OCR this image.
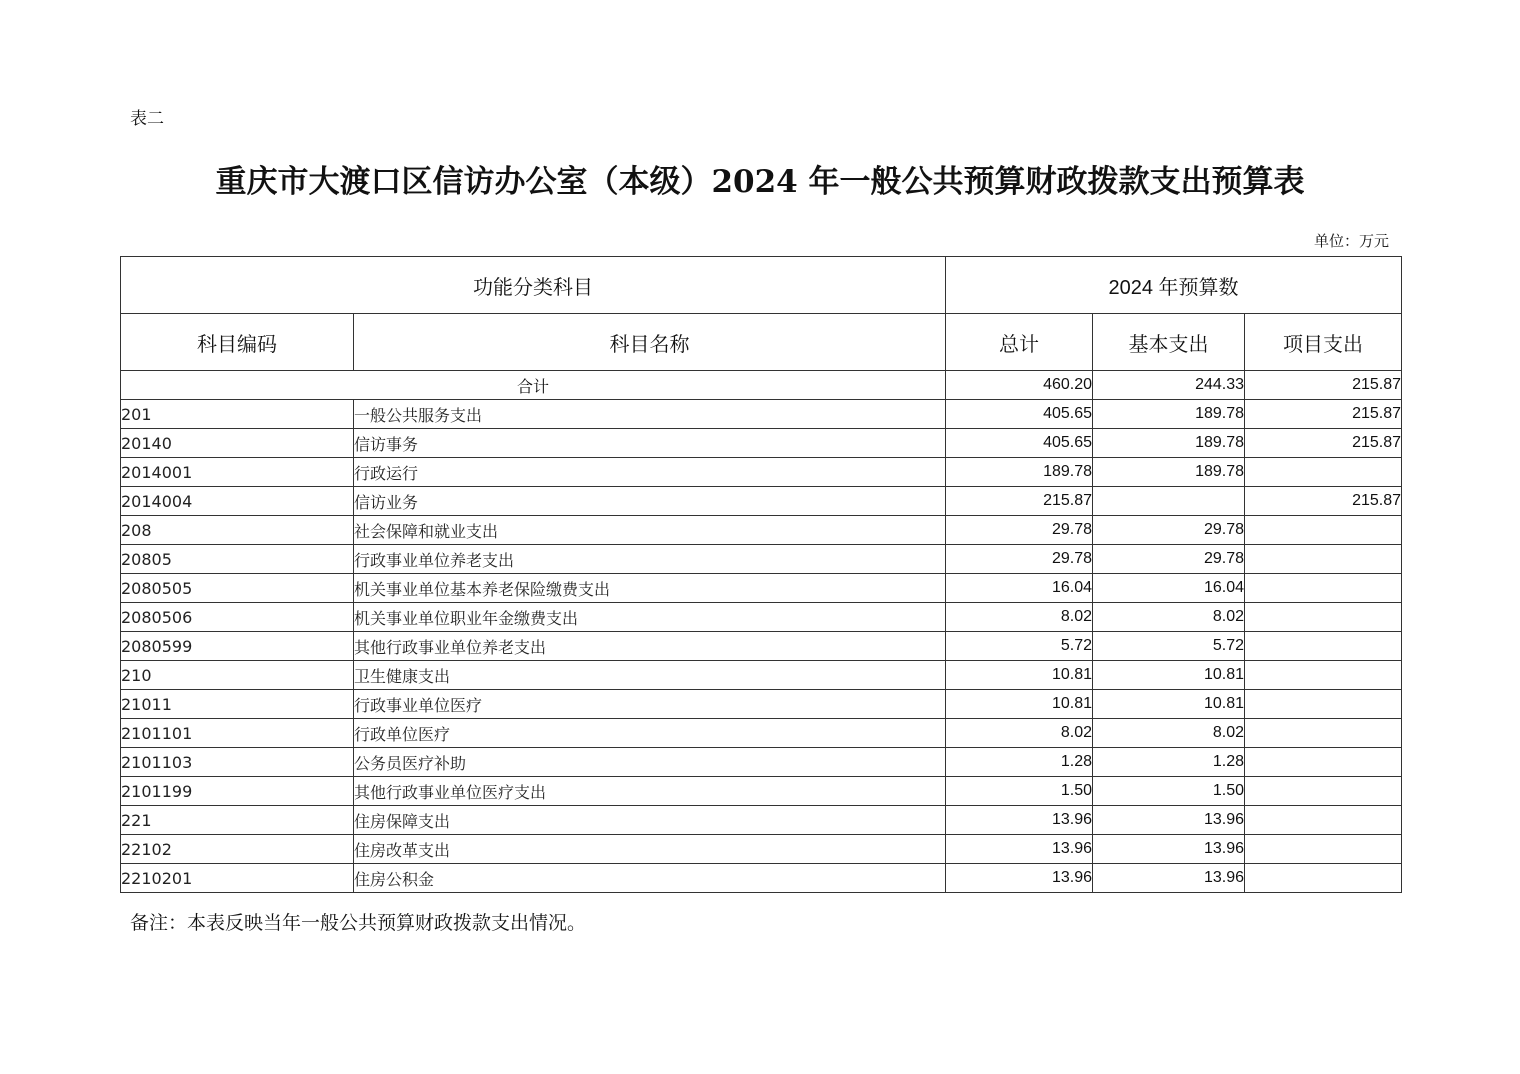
表二
重庆市大渡口区信访办公室（本级）2024 年一般公共预算财政拨款支出预算表
单位：万元
功能分类科目		2024 年预算数		
科目编码	科目名称	总计	基本支出	项目支出
合计		460.20	244.33	215.87
201	一般公共服务支出	405.65	189.78	215.87
20140	信访事务	405.65	189.78	215.87
2014001	行政运行	189.78	189.78	
2014004	信访业务	215.87		215.87
208	社会保障和就业支出	29.78	29.78	
20805	行政事业单位养老支出	29.78	29.78	
2080505	机关事业单位基本养老保险缴费支出	16.04	16.04	
2080506	机关事业单位职业年金缴费支出	8.02	8.02	
2080599	其他行政事业单位养老支出	5.72	5.72	
210	卫生健康支出	10.81	10.81	
21011	行政事业单位医疗	10.81	10.81	
2101101	行政单位医疗	8.02	8.02	
2101103	公务员医疗补助	1.28	1.28	
2101199	其他行政事业单位医疗支出	1.50	1.50	
221	住房保障支出	13.96	13.96	
22102	住房改革支出	13.96	13.96	
2210201	住房公积金	13.96	13.96	
备注：本表反映当年一般公共预算财政拨款支出情况。
